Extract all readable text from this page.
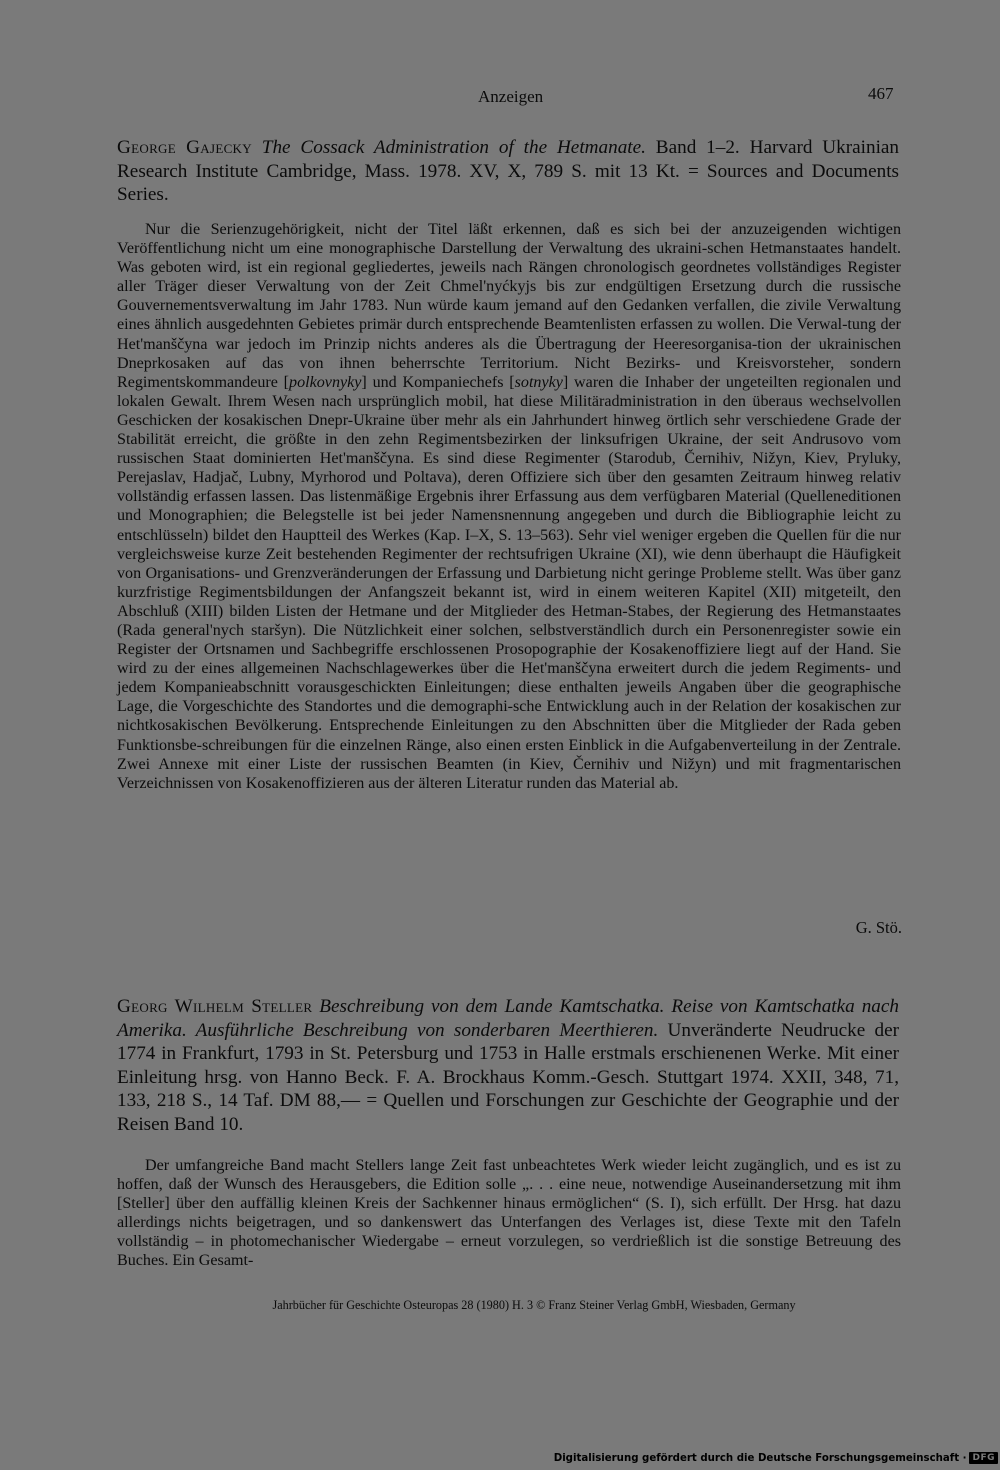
Anzeigen	467
George Gajecky The Cossack Administration of the Hetmanate. Band 1–2. Harvard Ukrainian Research Institute Cambridge, Mass. 1978. XV, X, 789 S. mit 13 Kt. = Sources and Documents Series.

Nur die Serienzugehörigkeit, nicht der Titel läßt erkennen, daß es sich bei der anzuzeigenden wichtigen Veröffentlichung nicht um eine monographische Darstellung der Verwaltung des ukraini-schen Hetmanstaates handelt. Was geboten wird, ist ein regional gegliedertes, jeweils nach Rängen chronologisch geordnetes vollständiges Register aller Träger dieser Verwaltung von der Zeit Chmel'nyćkyjs bis zur endgültigen Ersetzung durch die russische Gouvernementsverwaltung im Jahr 1783. Nun würde kaum jemand auf den Gedanken verfallen, die zivile Verwaltung eines ähnlich ausgedehnten Gebietes primär durch entsprechende Beamtenlisten erfassen zu wollen. Die Verwal-tung der Het'manščyna war jedoch im Prinzip nichts anderes als die Übertragung der Heeresorganisa-tion der ukrainischen Dneprkosaken auf das von ihnen beherrschte Territorium. Nicht Bezirks- und Kreisvorsteher, sondern Regimentskommandeure [polkovnyky] und Kompaniechefs [sotnyky] waren die Inhaber der ungeteilten regionalen und lokalen Gewalt. Ihrem Wesen nach ursprünglich mobil, hat diese Militäradministration in den überaus wechselvollen Geschicken der kosakischen Dnepr-Ukraine über mehr als ein Jahrhundert hinweg örtlich sehr verschiedene Grade der Stabilität erreicht, die größte in den zehn Regimentsbezirken der linksufrigen Ukraine, der seit Andrusovo vom russischen Staat dominierten Het'manščyna. Es sind diese Regimenter (Starodub, Černihiv, Nižyn, Kiev, Pryluky, Perejaslav, Hadjač, Lubny, Myrhorod und Poltava), deren Offiziere sich über den gesamten Zeitraum hinweg relativ vollständig erfassen lassen. Das listenmäßige Ergebnis ihrer Erfassung aus dem verfügbaren Material (Quelleneditionen und Monographien; die Belegstelle ist bei jeder Namensnennung angegeben und durch die Bibliographie leicht zu entschlüsseln) bildet den Hauptteil des Werkes (Kap. I–X, S. 13–563). Sehr viel weniger ergeben die Quellen für die nur vergleichsweise kurze Zeit bestehenden Regimenter der rechtsufrigen Ukraine (XI), wie denn überhaupt die Häufigkeit von Organisations- und Grenzveränderungen der Erfassung und Darbietung nicht geringe Probleme stellt. Was über ganz kurzfristige Regimentsbildungen der Anfangszeit bekannt ist, wird in einem weiteren Kapitel (XII) mitgeteilt, den Abschluß (XIII) bilden Listen der Hetmane und der Mitglieder des Hetman-Stabes, der Regierung des Hetmanstaates (Rada general'nych staršyn). Die Nützlichkeit einer solchen, selbstverständlich durch ein Personenregister sowie ein Register der Ortsnamen und Sachbegriffe erschlossenen Prosopographie der Kosakenoffiziere liegt auf der Hand. Sie wird zu der eines allgemeinen Nachschlagewerkes über die Het'manščyna erweitert durch die jedem Regiments- und jedem Kompanieabschnitt vorausgeschickten Einleitungen; diese enthalten jeweils Angaben über die geographische Lage, die Vorgeschichte des Standortes und die demographi-sche Entwicklung auch in der Relation der kosakischen zur nichtkosakischen Bevölkerung. Entsprechende Einleitungen zu den Abschnitten über die Mitglieder der Rada geben Funktionsbe-schreibungen für die einzelnen Ränge, also einen ersten Einblick in die Aufgabenverteilung in der Zentrale. Zwei Annexe mit einer Liste der russischen Beamten (in Kiev, Černihiv und Nižyn) und mit fragmentarischen Verzeichnissen von Kosakenoffizieren aus der älteren Literatur runden das Material ab.

G. Stö.
Georg Wilhelm Steller Beschreibung von dem Lande Kamtschatka. Reise von Kamtschatka nach Amerika. Ausführliche Beschreibung von sonderbaren Meerthieren. Unveränderte Neudrucke der 1774 in Frankfurt, 1793 in St. Petersburg und 1753 in Halle erstmals erschienenen Werke. Mit einer Einleitung hrsg. von Hanno Beck. F. A. Brockhaus Komm.-Gesch. Stuttgart 1974. XXII, 348, 71, 133, 218 S., 14 Taf. DM 88,— = Quellen und Forschungen zur Geschichte der Geographie und der Reisen Band 10.

Der umfangreiche Band macht Stellers lange Zeit fast unbeachtetes Werk wieder leicht zugänglich, und es ist zu hoffen, daß der Wunsch des Herausgebers, die Edition solle „. . . eine neue, notwendige Auseinandersetzung mit ihm [Steller] über den auffällig kleinen Kreis der Sachkenner hinaus ermöglichen“ (S. I), sich erfüllt. Der Hrsg. hat dazu allerdings nichts beigetragen, und so dankenswert das Unterfangen des Verlages ist, diese Texte mit den Tafeln vollständig – in photomechanischer Wiedergabe – erneut vorzulegen, so verdrießlich ist die sonstige Betreuung des Buches. Ein Gesamt-

Jahrbücher für Geschichte Osteuropas 28 (1980) H. 3 © Franz Steiner Verlag GmbH, Wiesbaden, Germany
Digitalisierung gefördert durch die Deutsche Forschungsgemeinschaft · DFG
